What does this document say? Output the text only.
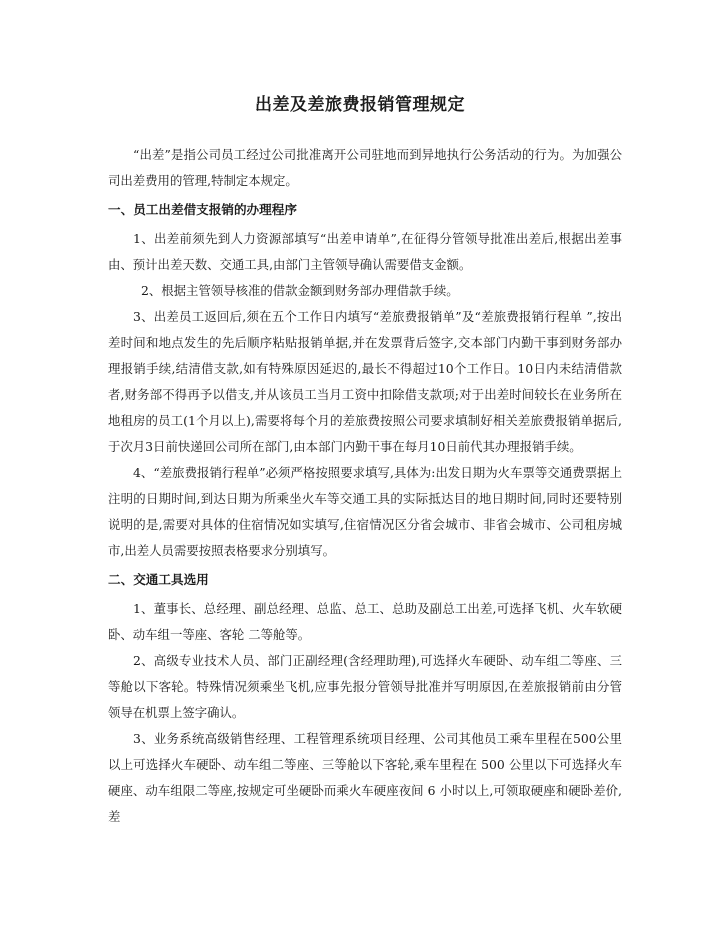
出差及差旅费报销管理规定

“出差”是指公司员工经过公司批准离开公司驻地而到异地执行公务活动的行为。为加强公司出差费用的管理,特制定本规定。

一、员工出差借支报销的办理程序

1、出差前须先到人力资源部填写“出差申请单”,在征得分管领导批准出差后,根据出差事由、预计出差天数、交通工具,由部门主管领导确认需要借支金额。

2、根据主管领导核准的借款金额到财务部办理借款手续。

3、出差员工返回后,须在五个工作日内填写“差旅费报销单”及“差旅费报销行程单 ”,按出差时间和地点发生的先后顺序粘贴报销单据,并在发票背后签字,交本部门内勤干事到财务部办理报销手续,结清借支款,如有特殊原因延迟的,最长不得超过10个工作日。10日内未结清借款者,财务部不得再予以借支,并从该员工当月工资中扣除借支款项;对于出差时间较长在业务所在地租房的员工(1个月以上),需要将每个月的差旅费按照公司要求填制好相关差旅费报销单据后,于次月3日前快递回公司所在部门,由本部门内勤干事在每月10日前代其办理报销手续。

4、“差旅费报销行程单”必须严格按照要求填写,具体为:出发日期为火车票等交通费票据上注明的日期时间,到达日期为所乘坐火车等交通工具的实际抵达目的地日期时间,同时还要特别说明的是,需要对具体的住宿情况如实填写,住宿情况区分省会城市、非省会城市、公司租房城市,出差人员需要按照表格要求分别填写。

二、交通工具选用

1、董事长、总经理、副总经理、总监、总工、总助及副总工出差,可选择飞机、火车软硬卧、动车组一等座、客轮 二等舱等。

2、高级专业技术人员、部门正副经理(含经理助理),可选择火车硬卧、动车组二等座、三等舱以下客轮。特殊情况须乘坐飞机,应事先报分管领导批准并写明原因,在差旅报销前由分管领导在机票上签字确认。

3、业务系统高级销售经理、工程管理系统项目经理、公司其他员工乘车里程在500公里以上可选择火车硬卧、动车组二等座、三等舱以下客轮,乘车里程在 500 公里以下可选择火车硬座、动车组限二等座,按规定可坐硬卧而乘火车硬座夜间 6 小时以上,可领取硬座和硬卧差价,差
